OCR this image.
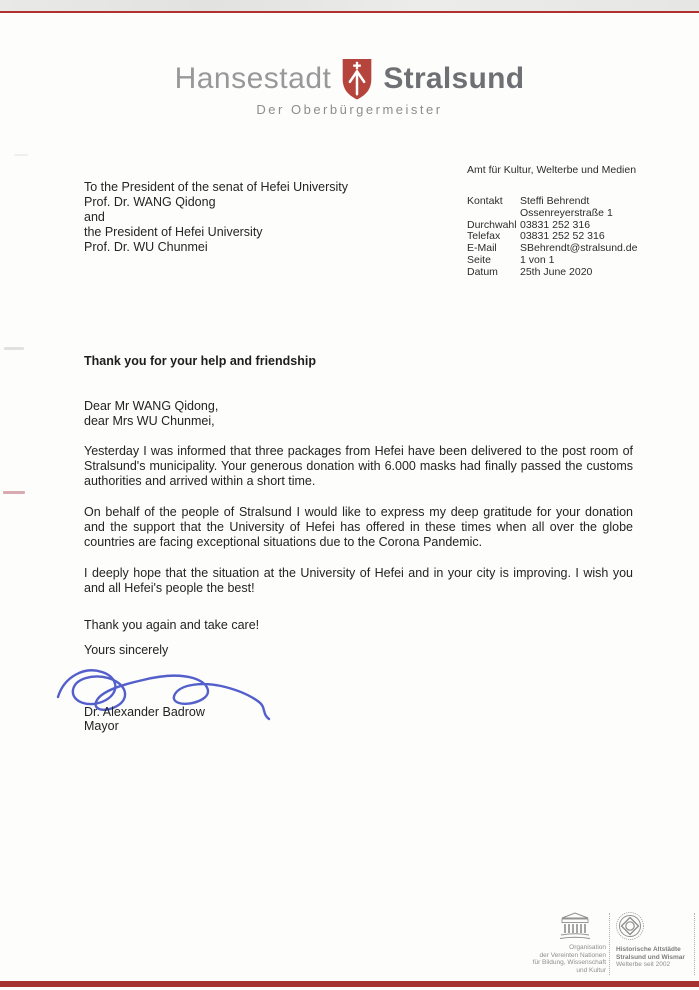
Hansestadt Stralsund
Der Oberbürgermeister
To the President of the senat of Hefei University
Prof. Dr. WANG Qidong
and
the President of Hefei University
Prof. Dr. WU Chunmei
Amt für Kultur, Welterbe und Medien
Kontakt	Steffi Behrendt
Ossenreyerstraße 1
Durchwahl 03831 252 316
Telefax	03831 252 52 316
E-Mail	SBehrendt@stralsund.de
Seite	1 von 1
Datum	25th June 2020
Thank you for your help and friendship
Dear Mr WANG Qidong,
dear Mrs WU Chunmei,
Yesterday I was informed that three packages from Hefei have been delivered to the post room of Stralsund's municipality. Your generous donation with 6.000 masks had finally passed the customs authorities and arrived within a short time.
On behalf of the people of Stralsund I would like to express my deep gratitude for your donation and the support that the University of Hefei has offered in these times when all over the globe countries are facing exceptional situations due to the Corona Pandemic.
I deeply hope that the situation at the University of Hefei and in your city is improving. I wish you and all Hefei's people the best!
Thank you again and take care!
Yours sincerely
Dr. Alexander Badrow
Mayor
Organisation
der Vereinten Nationen
für Bildung, Wissenschaft
und Kultur
Historische Altstädte
Stralsund und Wismar
Welterbe seit 2002
